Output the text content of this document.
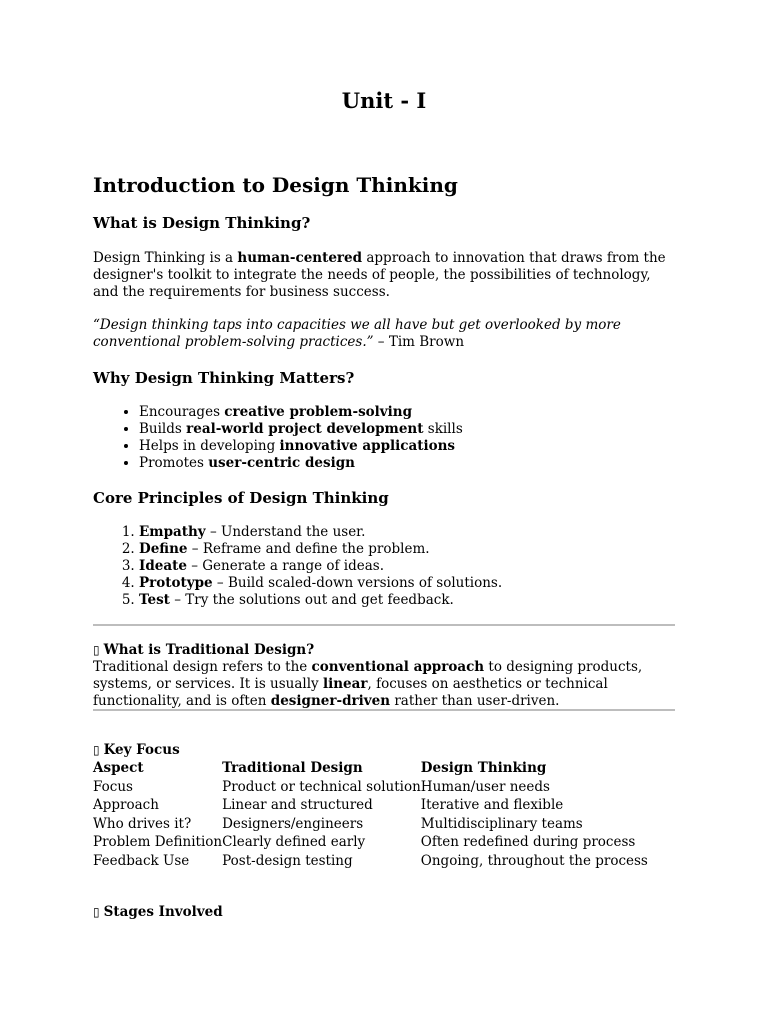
Unit - I
Introduction to Design Thinking
What is Design Thinking?

Design Thinking is a human-centered approach to innovation that draws from the designer's toolkit to integrate the needs of people, the possibilities of technology, and the requirements for business success.

“Design thinking taps into capacities we all have but get overlooked by more conventional problem-solving practices.” – Tim Brown

Why Design Thinking Matters?
• Encourages creative problem-solving
• Builds real-world project development skills
• Helps in developing innovative applications
• Promotes user-centric design
Core Principles of Design Thinking
1. Empathy – Understand the user.
2. Define – Reframe and define the problem.
3. Ideate – Generate a range of ideas.
4. Prototype – Build scaled-down versions of solutions.
5. Test – Try the solutions out and get feedback.
▯ What is Traditional Design?

Traditional design refers to the conventional approach to designing products, systems, or services. It is usually linear, focuses on aesthetics or technical functionality, and is often designer-driven rather than user-driven.

▯ Key Focus
Aspect	Traditional Design	Design Thinking
Focus	Product or technical solution	Human/user needs
Approach	Linear and structured	Iterative and flexible
Who drives it?	Designers/engineers	Multidisciplinary teams
Problem Definition	Clearly defined early	Often redefined during process
Feedback Use	Post-design testing	Ongoing, throughout the process
▯ Stages Involved
